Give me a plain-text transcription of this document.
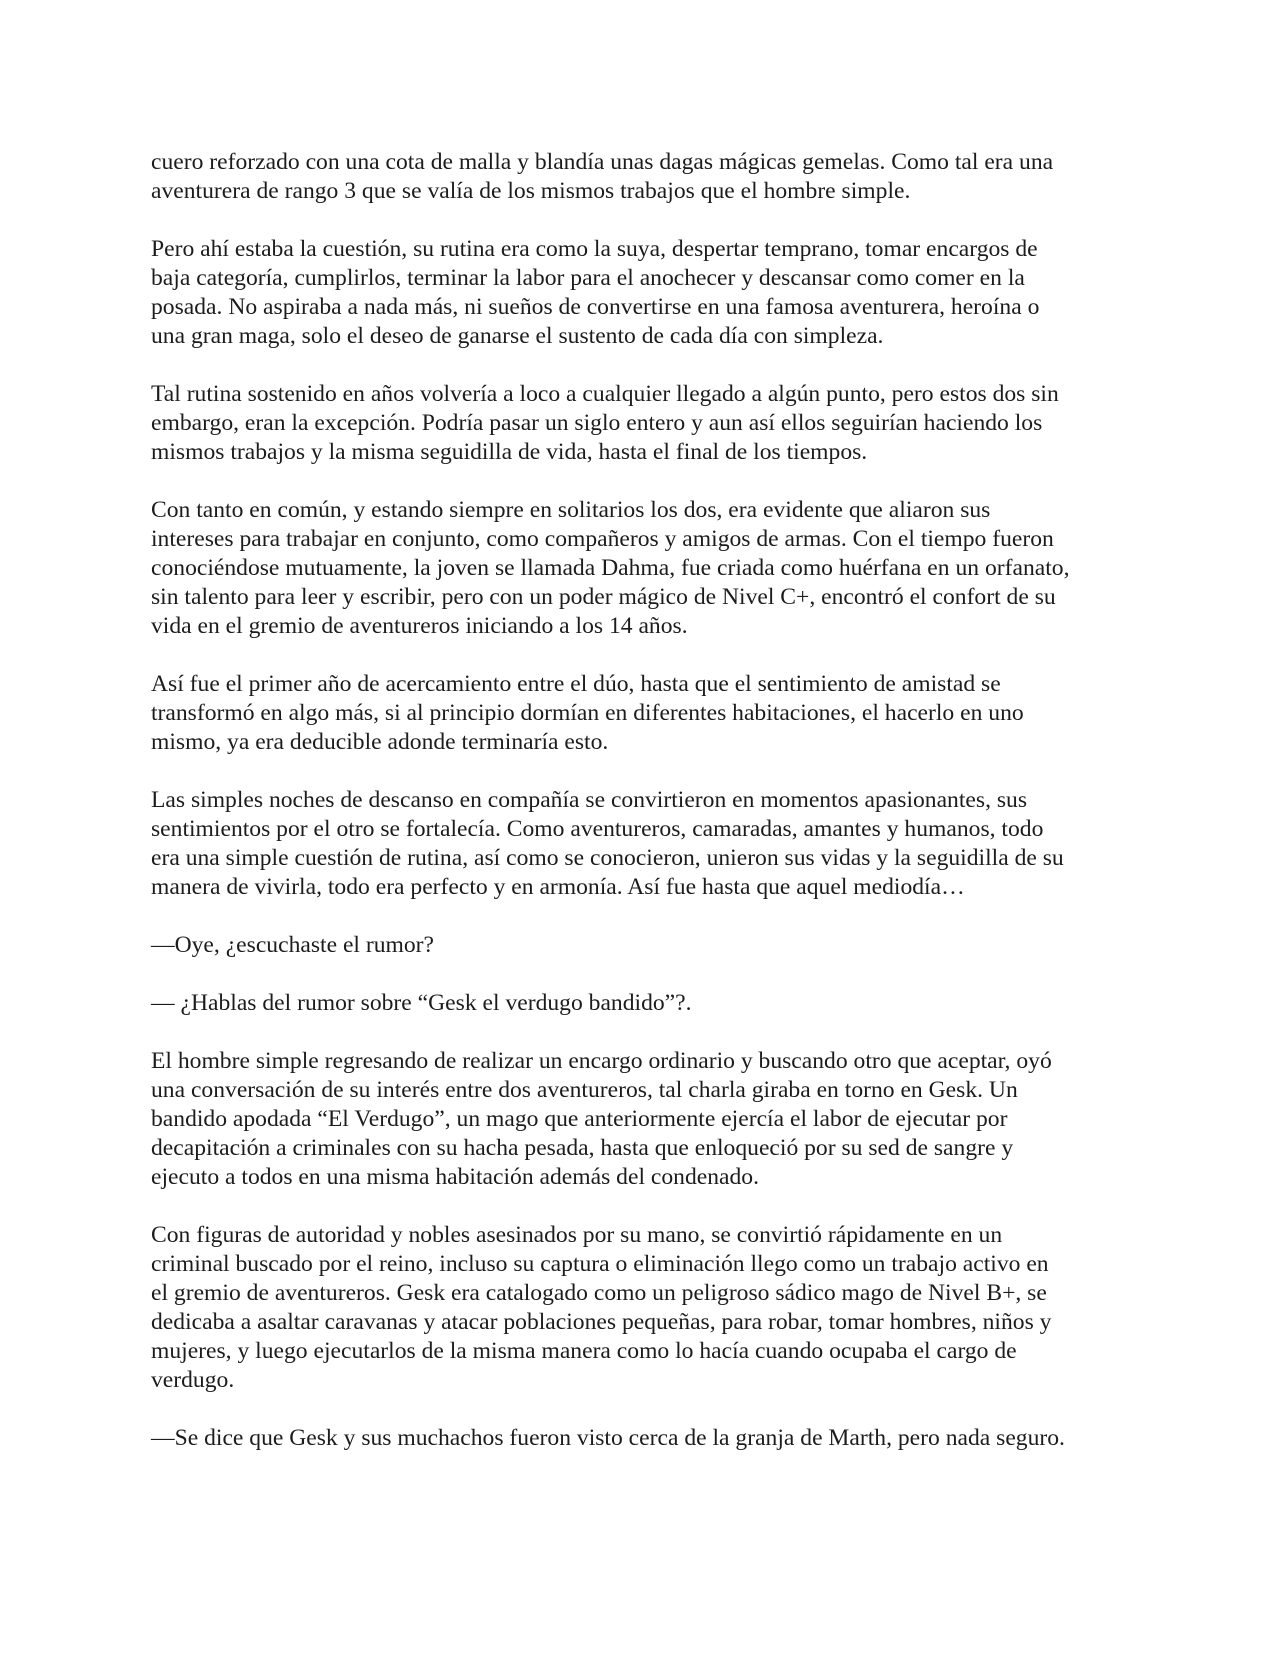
cuero reforzado con una cota de malla y blandía unas dagas mágicas gemelas. Como tal era una
aventurera de rango 3 que se valía de los mismos trabajos que el hombre simple.

Pero ahí estaba la cuestión, su rutina era como la suya, despertar temprano, tomar encargos de
baja categoría, cumplirlos, terminar la labor para el anochecer y descansar como comer en la
posada. No aspiraba a nada más, ni sueños de convertirse en una famosa aventurera, heroína o
una gran maga, solo el deseo de ganarse el sustento de cada día con simpleza.

Tal rutina sostenido en años volvería a loco a cualquier llegado a algún punto, pero estos dos sin
embargo, eran la excepción. Podría pasar un siglo entero y aun así ellos seguirían haciendo los
mismos trabajos y la misma seguidilla de vida, hasta el final de los tiempos.

Con tanto en común, y estando siempre en solitarios los dos, era evidente que aliaron sus
intereses para trabajar en conjunto, como compañeros y amigos de armas. Con el tiempo fueron
conociéndose mutuamente, la joven se llamada Dahma, fue criada como huérfana en un orfanato,
sin talento para leer y escribir, pero con un poder mágico de Nivel C+, encontró el confort de su
vida en el gremio de aventureros iniciando a los 14 años.

Así fue el primer año de acercamiento entre el dúo, hasta que el sentimiento de amistad se
transformó en algo más, si al principio dormían en diferentes habitaciones, el hacerlo en uno
mismo, ya era deducible adonde terminaría esto.

Las simples noches de descanso en compañía se convirtieron en momentos apasionantes, sus
sentimientos por el otro se fortalecía. Como aventureros, camaradas, amantes y humanos, todo
era una simple cuestión de rutina, así como se conocieron, unieron sus vidas y la seguidilla de su
manera de vivirla, todo era perfecto y en armonía. Así fue hasta que aquel mediodía…

—Oye, ¿escuchaste el rumor?

— ¿Hablas del rumor sobre “Gesk el verdugo bandido”?.

El hombre simple regresando de realizar un encargo ordinario y buscando otro que aceptar, oyó
una conversación de su interés entre dos aventureros, tal charla giraba en torno en Gesk. Un
bandido apodada “El Verdugo”, un mago que anteriormente ejercía el labor de ejecutar por
decapitación a criminales con su hacha pesada, hasta que enloqueció por su sed de sangre y
ejecuto a todos en una misma habitación además del condenado.

Con figuras de autoridad y nobles asesinados por su mano, se convirtió rápidamente en un
criminal buscado por el reino, incluso su captura o eliminación llego como un trabajo activo en
el gremio de aventureros. Gesk era catalogado como un peligroso sádico mago de Nivel B+, se
dedicaba a asaltar caravanas y atacar poblaciones pequeñas, para robar, tomar hombres, niños y
mujeres, y luego ejecutarlos de la misma manera como lo hacía cuando ocupaba el cargo de
verdugo.

—Se dice que Gesk y sus muchachos fueron visto cerca de la granja de Marth, pero nada seguro.
